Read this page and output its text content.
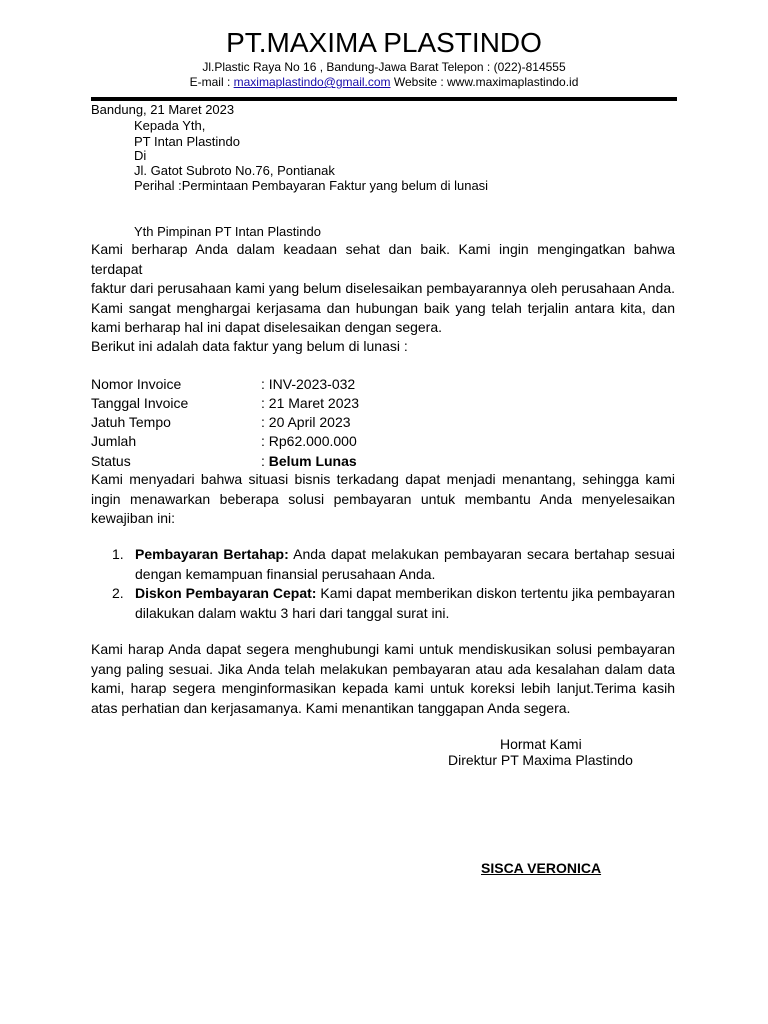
PT.MAXIMA PLASTINDO
Jl.Plastic Raya No 16 , Bandung-Jawa Barat Telepon : (022)-814555
E-mail : maximaplastindo@gmail.com Website : www.maximaplastindo.id
Bandung, 21 Maret 2023
Kepada Yth,
PT Intan Plastindo
Di
Jl. Gatot Subroto No.76, Pontianak
Perihal :Permintaan Pembayaran Faktur yang belum di lunasi
Yth Pimpinan PT Intan Plastindo
Kami berharap Anda dalam keadaan sehat dan baik. Kami ingin mengingatkan bahwa terdapat
faktur dari perusahaan kami yang belum diselesaikan pembayarannya oleh perusahaan Anda.
Kami sangat menghargai kerjasama dan hubungan baik yang telah terjalin antara kita, dan
kami berharap hal ini dapat diselesaikan dengan segera.
Berikut ini adalah data faktur yang belum di lunasi :
Nomor Invoice	: INV-2023-032
Tanggal Invoice	: 21 Maret 2023
Jatuh Tempo	: 20 April 2023
Jumlah	: Rp62.000.000
Status	: Belum Lunas
Kami menyadari bahwa situasi bisnis terkadang dapat menjadi menantang, sehingga kami
ingin menawarkan beberapa solusi pembayaran untuk membantu Anda menyelesaikan
kewajiban ini:
1. Pembayaran Bertahap: Anda dapat melakukan pembayaran secara bertahap sesuai
dengan kemampuan finansial perusahaan Anda.
2. Diskon Pembayaran Cepat: Kami dapat memberikan diskon tertentu jika pembayaran
dilakukan dalam waktu 3 hari dari tanggal surat ini.
Kami harap Anda dapat segera menghubungi kami untuk mendiskusikan solusi pembayaran
yang paling sesuai. Jika Anda telah melakukan pembayaran atau ada kesalahan dalam data
kami, harap segera menginformasikan kepada kami untuk koreksi lebih lanjut.Terima kasih
atas perhatian dan kerjasamanya. Kami menantikan tanggapan Anda segera.
Hormat Kami
Direktur PT Maxima Plastindo
SISCA VERONICA
